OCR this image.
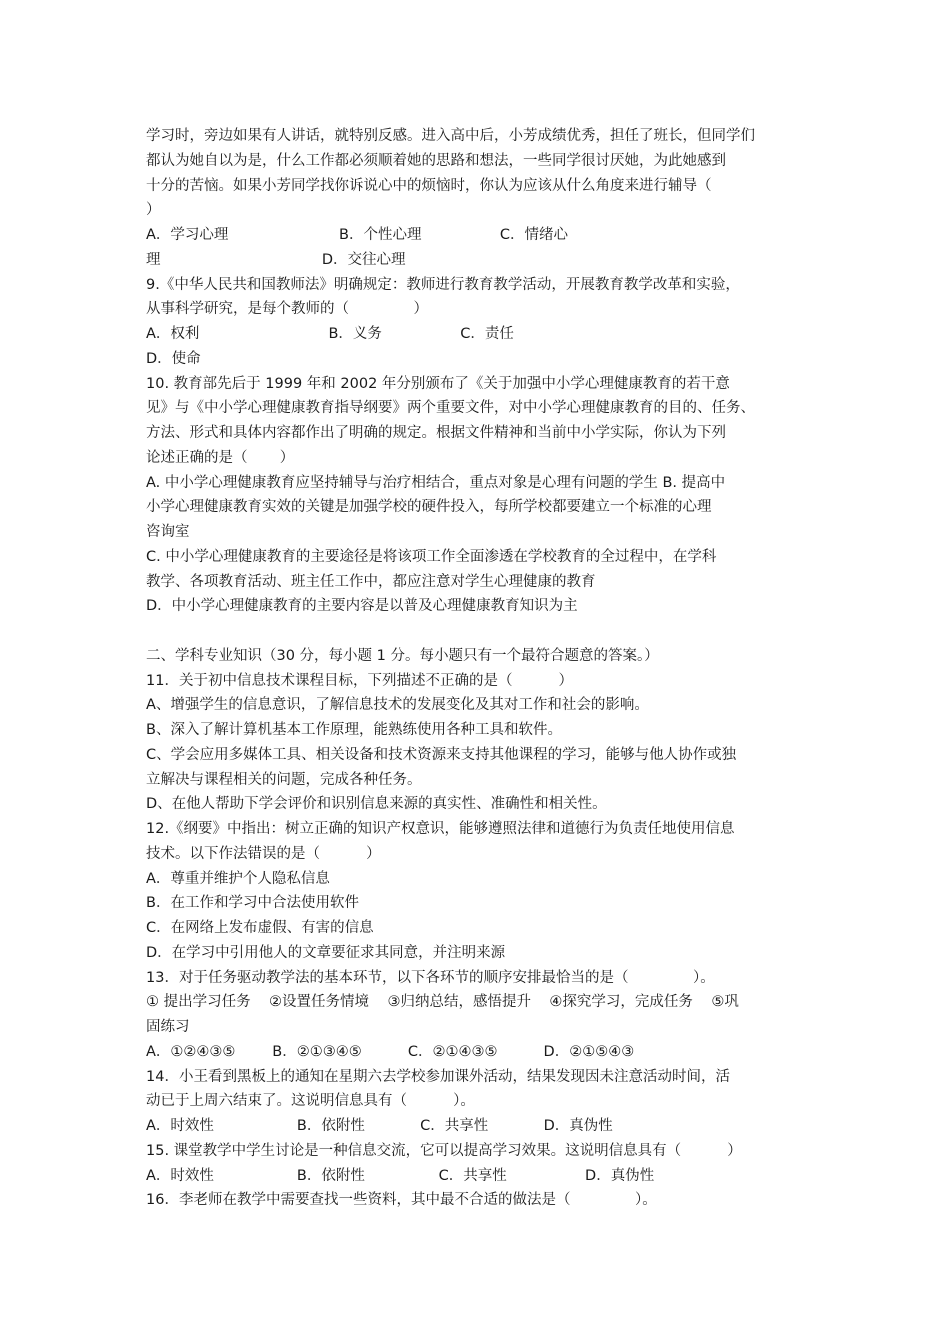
学习时，旁边如果有人讲话，就特别反感。进入高中后，小芳成绩优秀，担任了班长，但同学们
都认为她自以为是，什么工作都必须顺着她的思路和想法，一些同学很讨厌她，为此她感到
十分的苦恼。如果小芳同学找你诉说心中的烦恼时，你认为应该从什么角度来进行辅导（
）
A．学习心理                        B．个性心理                 C．情绪心
理                                   D．交往心理
9.《中华人民共和国教师法》明确规定：教师进行教育教学活动，开展教育教学改革和实验，
从事科学研究，是每个教师的（              ）
A．权利                            B．义务                 C．责任
D．使命
10. 教育部先后于 1999 年和 2002 年分别颁布了《关于加强中小学心理健康教育的若干意
见》与《中小学心理健康教育指导纲要》两个重要文件，对中小学心理健康教育的目的、任务、
方法、形式和具体内容都作出了明确的规定。根据文件精神和当前中小学实际，你认为下列
论述正确的是（       ）
A. 中小学心理健康教育应坚持辅导与治疗相结合，重点对象是心理有问题的学生 B. 提高中
小学心理健康教育实效的关键是加强学校的硬件投入，每所学校都要建立一个标准的心理
咨询室
C. 中小学心理健康教育的主要途径是将该项工作全面渗透在学校教育的全过程中，在学科
教学、各项教育活动、班主任工作中，都应注意对学生心理健康的教育
D．中小学心理健康教育的主要内容是以普及心理健康教育知识为主
二、学科专业知识（30 分，每小题 1 分。每小题只有一个最符合题意的答案。）
11．关于初中信息技术课程目标，下列描述不正确的是（          ）
A、增强学生的信息意识，了解信息技术的发展变化及其对工作和社会的影响。
B、深入了解计算机基本工作原理，能熟练使用各种工具和软件。
C、学会应用多媒体工具、相关设备和技术资源来支持其他课程的学习，能够与他人协作或独
立解决与课程相关的问题，完成各种任务。
D、在他人帮助下学会评价和识别信息来源的真实性、准确性和相关性。
12.《纲要》中指出：树立正确的知识产权意识，能够遵照法律和道德行为负责任地使用信息
技术。以下作法错误的是（          ）
A．尊重并维护个人隐私信息
B．在工作和学习中合法使用软件
C．在网络上发布虚假、有害的信息
D．在学习中引用他人的文章要征求其同意，并注明来源
13．对于任务驱动教学法的基本环节，以下各环节的顺序安排最恰当的是（              ）。
① 提出学习任务    ②设置任务情境    ③归纳总结，感悟提升    ④探究学习，完成任务    ⑤巩
固练习
A．①②④③⑤        B．②①③④⑤          C．②①④③⑤          D．②①⑤④③
14．小王看到黑板上的通知在星期六去学校参加课外活动，结果发现因未注意活动时间，活
动已于上周六结束了。这说明信息具有（          ）。
A．时效性                  B．依附性            C．共享性            D．真伪性
15. 课堂教学中学生讨论是一种信息交流，它可以提高学习效果。这说明信息具有（          ）
A．时效性                  B．依附性                C．共享性                 D．真伪性
16．李老师在教学中需要查找一些资料，其中最不合适的做法是（              ）。
